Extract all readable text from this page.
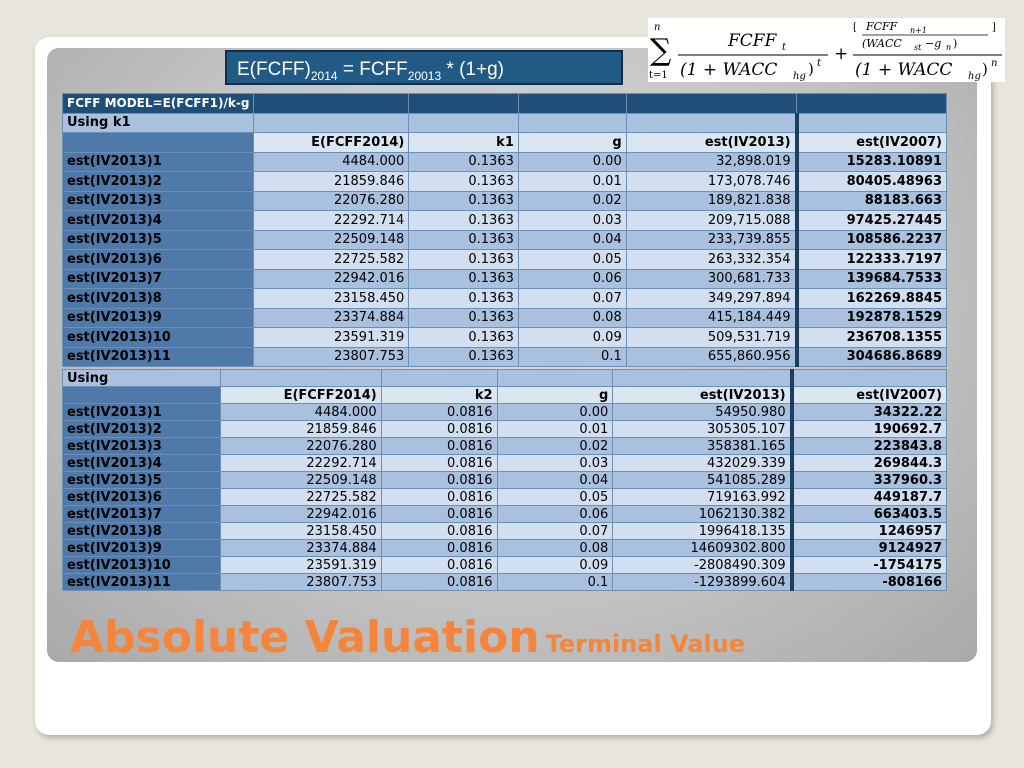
$E(FCFF)_{2014}$ = $FCFF_{20013} * (1+g)$
n
∑
t=1
FCFF t
(1 + WACC hg ) t +
[ FCFF n+1
(WACC st −g n )
]
(1 + WACC hg ) n
FCFF MODEL=E(FCFF1)/k-g					
Using k1					
	E(FCFF2014)	k1	g	est(IV2013)	est(IV2007)
est(IV2013)1	4484.000	0.1363	0.00	32,898.019	15283.10891
est(IV2013)2	21859.846	0.1363	0.01	173,078.746	80405.48963
est(IV2013)3	22076.280	0.1363	0.02	189,821.838	88183.663
est(IV2013)4	22292.714	0.1363	0.03	209,715.088	97425.27445
est(IV2013)5	22509.148	0.1363	0.04	233,739.855	108586.2237
est(IV2013)6	22725.582	0.1363	0.05	263,332.354	122333.7197
est(IV2013)7	22942.016	0.1363	0.06	300,681.733	139684.7533
est(IV2013)8	23158.450	0.1363	0.07	349,297.894	162269.8845
est(IV2013)9	23374.884	0.1363	0.08	415,184.449	192878.1529
est(IV2013)10	23591.319	0.1363	0.09	509,531.719	236708.1355
est(IV2013)11	23807.753	0.1363	0.1	655,860.956	304686.8689
Using					
	E(FCFF2014)	k2	g	est(IV2013)	est(IV2007)
est(IV2013)1	4484.000	0.0816	0.00	54950.980	34322.22
est(IV2013)2	21859.846	0.0816	0.01	305305.107	190692.7
est(IV2013)3	22076.280	0.0816	0.02	358381.165	223843.8
est(IV2013)4	22292.714	0.0816	0.03	432029.339	269844.3
est(IV2013)5	22509.148	0.0816	0.04	541085.289	337960.3
est(IV2013)6	22725.582	0.0816	0.05	719163.992	449187.7
est(IV2013)7	22942.016	0.0816	0.06	1062130.382	663403.5
est(IV2013)8	23158.450	0.0816	0.07	1996418.135	1246957
est(IV2013)9	23374.884	0.0816	0.08	14609302.800	9124927
est(IV2013)10	23591.319	0.0816	0.09	-2808490.309	-1754175
est(IV2013)11	23807.753	0.0816	0.1	-1293899.604	-808166
Absolute Valuation Terminal Value
